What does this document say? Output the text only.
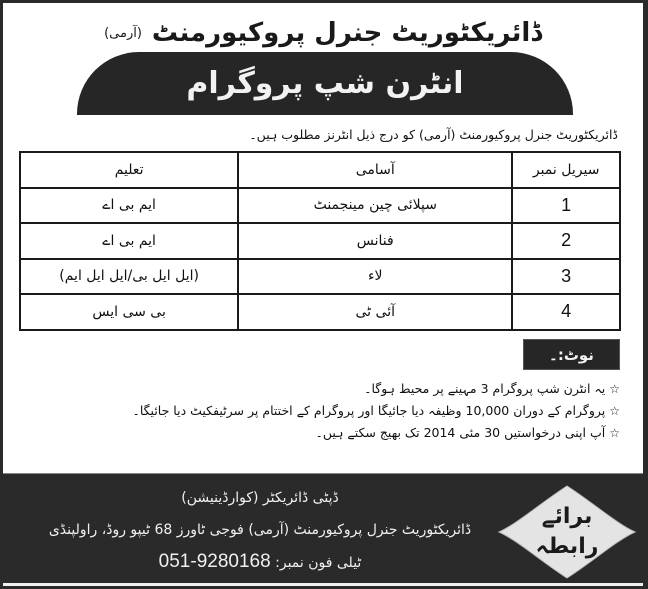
ڈائریکٹوریٹ جنرل پروکیورمنٹ
(آرمی)
انٹرن شپ پروگرام
ڈائریکٹوریٹ جنرل پروکیورمنٹ (آرمی) کو درج ذیل انٹرنز مطلوب ہیں۔
سیریل نمبر	آسامی	تعلیم
1	سپلائی چین مینجمنٹ	ایم بی اے
2	فنانس	ایم بی اے
3	لاء	(ایل ایل بی/ایل ایل ایم)
4	آئی ٹی	بی سی ایس
نوٹ:۔
☆یہ انٹرن شپ پروگرام 3 مہینے پر محیط ہوگا۔
☆پروگرام کے دوران 10,000 وظیفہ دیا جائیگا اور پروگرام کے اختتام پر سرٹیفکیٹ دیا جائیگا۔
☆آپ اپنی درخواستیں 30 مئی 2014 تک بھیج سکتے ہیں۔
ڈپٹی ڈائریکٹر (کوارڈینیشن)
ڈائریکٹوریٹ جنرل پروکیورمنٹ (آرمی) فوجی ٹاورز 68 ٹیپو روڈ، راولپنڈی
ٹیلی فون نمبر: 051-9280168
برائے
رابطہ
